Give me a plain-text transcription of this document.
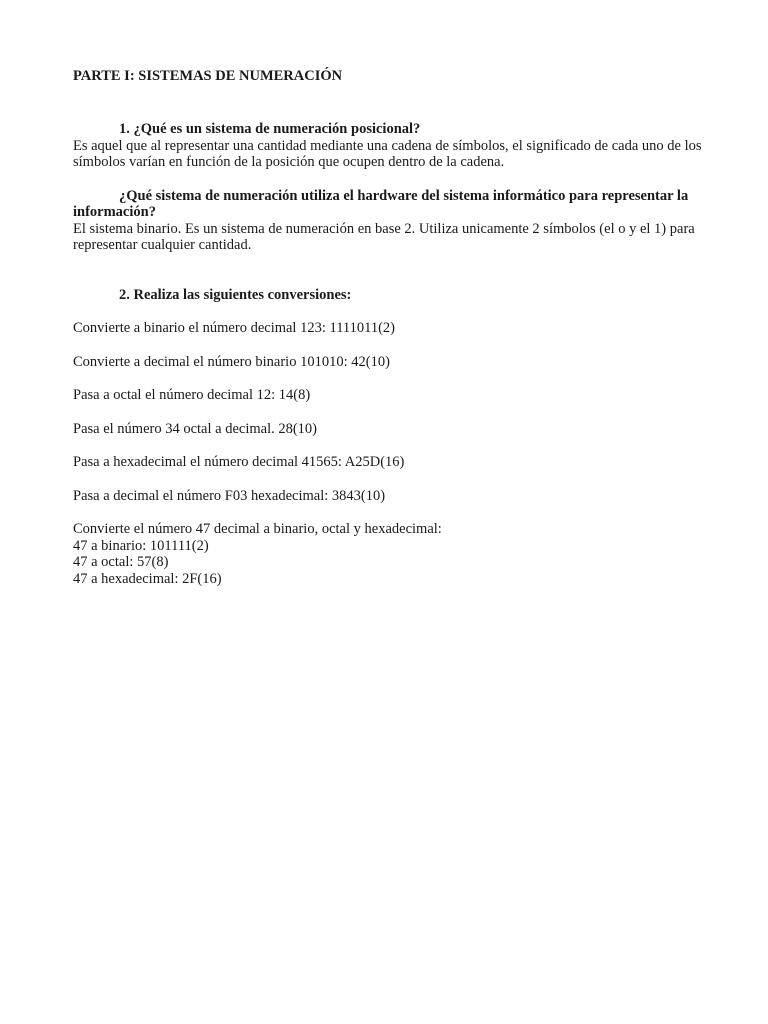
PARTE I: SISTEMAS DE NUMERACIÓN

1. ¿Qué es un sistema de numeración posicional?

Es aquel que al representar una cantidad mediante una cadena de símbolos, el significado de cada uno de los símbolos varían en función de la posición que ocupen dentro de la cadena.

¿Qué sistema de numeración utiliza el hardware del sistema informático para representar la información?

El sistema binario. Es un sistema de numeración en base 2. Utiliza unicamente 2 símbolos (el o y el 1) para representar cualquier cantidad.

2. Realiza las siguientes conversiones:

Convierte a binario el número decimal 123: 1111011(2)

Convierte a decimal el número binario 101010: 42(10)

Pasa a octal el número decimal 12: 14(8)

Pasa el número 34 octal a decimal. 28(10)

Pasa a hexadecimal el número decimal 41565: A25D(16)

Pasa a decimal el número F03 hexadecimal: 3843(10)

Convierte el número 47 decimal a binario, octal y hexadecimal:

47 a binario: 101111(2)

47 a octal: 57(8)

47 a hexadecimal: 2F(16)
